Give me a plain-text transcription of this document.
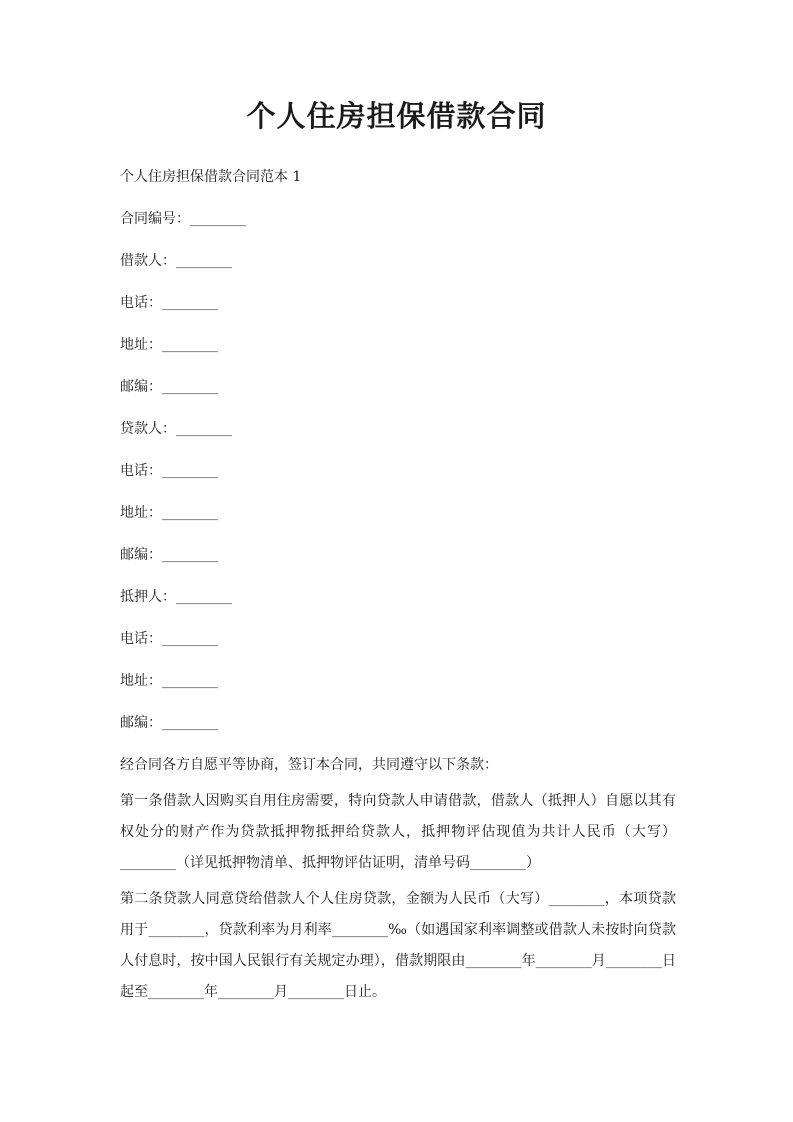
个人住房担保借款合同

个人住房担保借款合同范本 1

合同编号：________

借款人：________

电话：________

地址：________

邮编：________

贷款人：________

电话：________

地址：________

邮编：________

抵押人：________

电话：________

地址：________

邮编：________

经合同各方自愿平等协商，签订本合同，共同遵守以下条款：

第一条借款人因购买自用住房需要，特向贷款人申请借款，借款人（抵押人）自愿以其有权处分的财产作为贷款抵押物抵押给贷款人，抵押物评估现值为共计人民币（大写）________（详见抵押物清单、抵押物评估证明，清单号码________）

第二条贷款人同意贷给借款人个人住房贷款，金额为人民币（大写）________，本项贷款用于________，贷款利率为月利率________‰（如遇国家利率调整或借款人未按时向贷款人付息时，按中国人民银行有关规定办理），借款期限由________年________月________日起至________年________月________日止。
